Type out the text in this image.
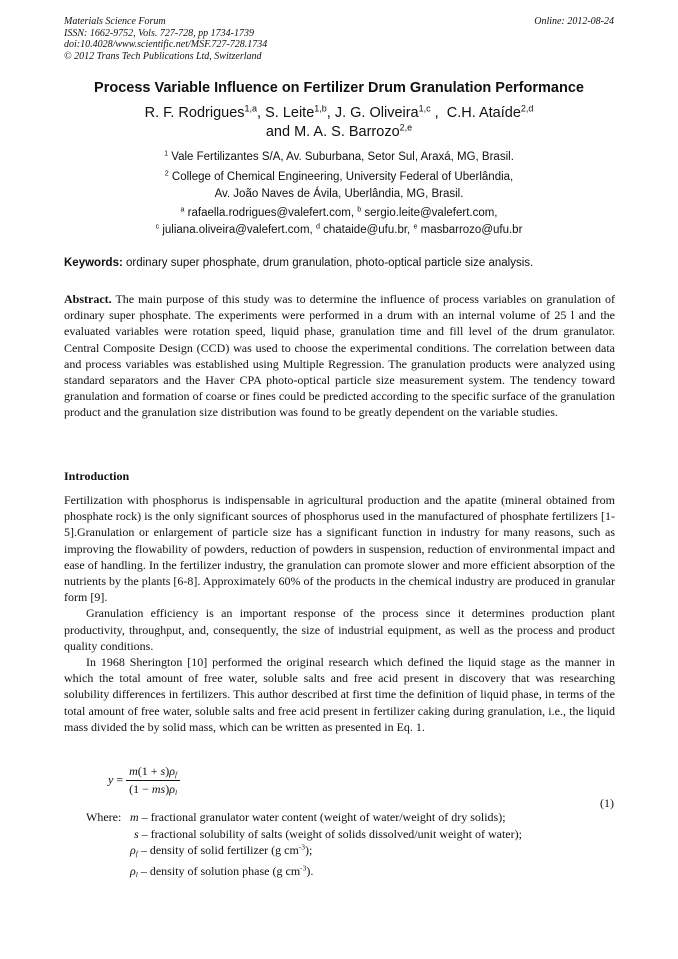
Materials Science Forum
ISSN: 1662-9752, Vols. 727-728, pp 1734-1739
doi:10.4028/www.scientific.net/MSF.727-728.1734
© 2012 Trans Tech Publications Ltd, Switzerland
Online: 2012-08-24
Process Variable Influence on Fertilizer Drum Granulation Performance
R. F. Rodrigues$^{1,a}$, S. Leite$^{1,b}$, J. G. Oliveira$^{1,c}$ ,  C.H. Ataíde$^{2,d}$
and M. A. S. Barrozo$^{2,e}$
$^1$ Vale Fertilizantes S/A, Av. Suburbana, Setor Sul, Araxá, MG, Brasil.
$^2$ College of Chemical Engineering, University Federal of Uberlândia,
Av. João Naves de Ávila, Uberlândia, MG, Brasil.
$^a$ rafaella.rodrigues@valefert.com, $^b$ sergio.leite@valefert.com,
$^c$ juliana.oliveira@valefert.com, $^d$ chataide@ufu.br, $^e$ masbarrozo@ufu.br
Keywords: ordinary super phosphate, drum granulation, photo-optical particle size analysis.

Abstract. The main purpose of this study was to determine the influence of process variables on granulation of ordinary super phosphate. The experiments were performed in a drum with an internal volume of 25 l and the evaluated variables were rotation speed, liquid phase, granulation time and fill level of the drum granulator. Central Composite Design (CCD) was used to choose the experimental conditions. The correlation between data and process variables was established using Multiple Regression. The granulation products were analyzed using standard separators and the Haver CPA photo-optical particle size measurement system. The tendency toward granulation and formation of coarse or fines could be predicted according to the specific surface of the granulation product and the granulation size distribution was found to be greatly dependent on the variable studies.

Introduction

Fertilization with phosphorus is indispensable in agricultural production and the apatite (mineral obtained from phosphate rock) is the only significant sources of phosphorus used in the manufactured of phosphate fertilizers [1-5].Granulation or enlargement of particle size has a significant function in industry for many reasons, such as improving the flowability of powders, reduction of powders in suspension, reduction of environmental impact and ease of handling. In the fertilizer industry, the granulation can promote slower and more efficient absorption of the nutrients by the plants [6-8]. Approximately 60% of the products in the chemical industry are produced in granular form [9].

Granulation efficiency is an important response of the process since it determines production plant productivity, throughput, and, consequently, the size of industrial equipment, as well as the process and product quality conditions.

In 1968 Sherington [10] performed the original research which defined the liquid stage as the manner in which the total amount of free water, soluble salts and free acid present in discovery that was researching solubility differences in fertilizers. This author described at first time the definition of liquid phase, in terms of the total amount of free water, soluble salts and free acid present in fertilizer caking during granulation, i.e., the liquid mass divided the by solid mass, which can be written as presented in Eq. 1.

$y = \frac{m(1 + s)\rho_f}{(1 - ms)\rho_l}$
(1)
Where: m – fractional granulator water content (weight of water/weight of dry solids);
s – fractional solubility of salts (weight of solids dissolved/unit weight of water);
$\rho_f$ – density of solid fertilizer (g $cm^{-3}$);
$\rho_l$ – density of solution phase (g $cm^{-3}$).
